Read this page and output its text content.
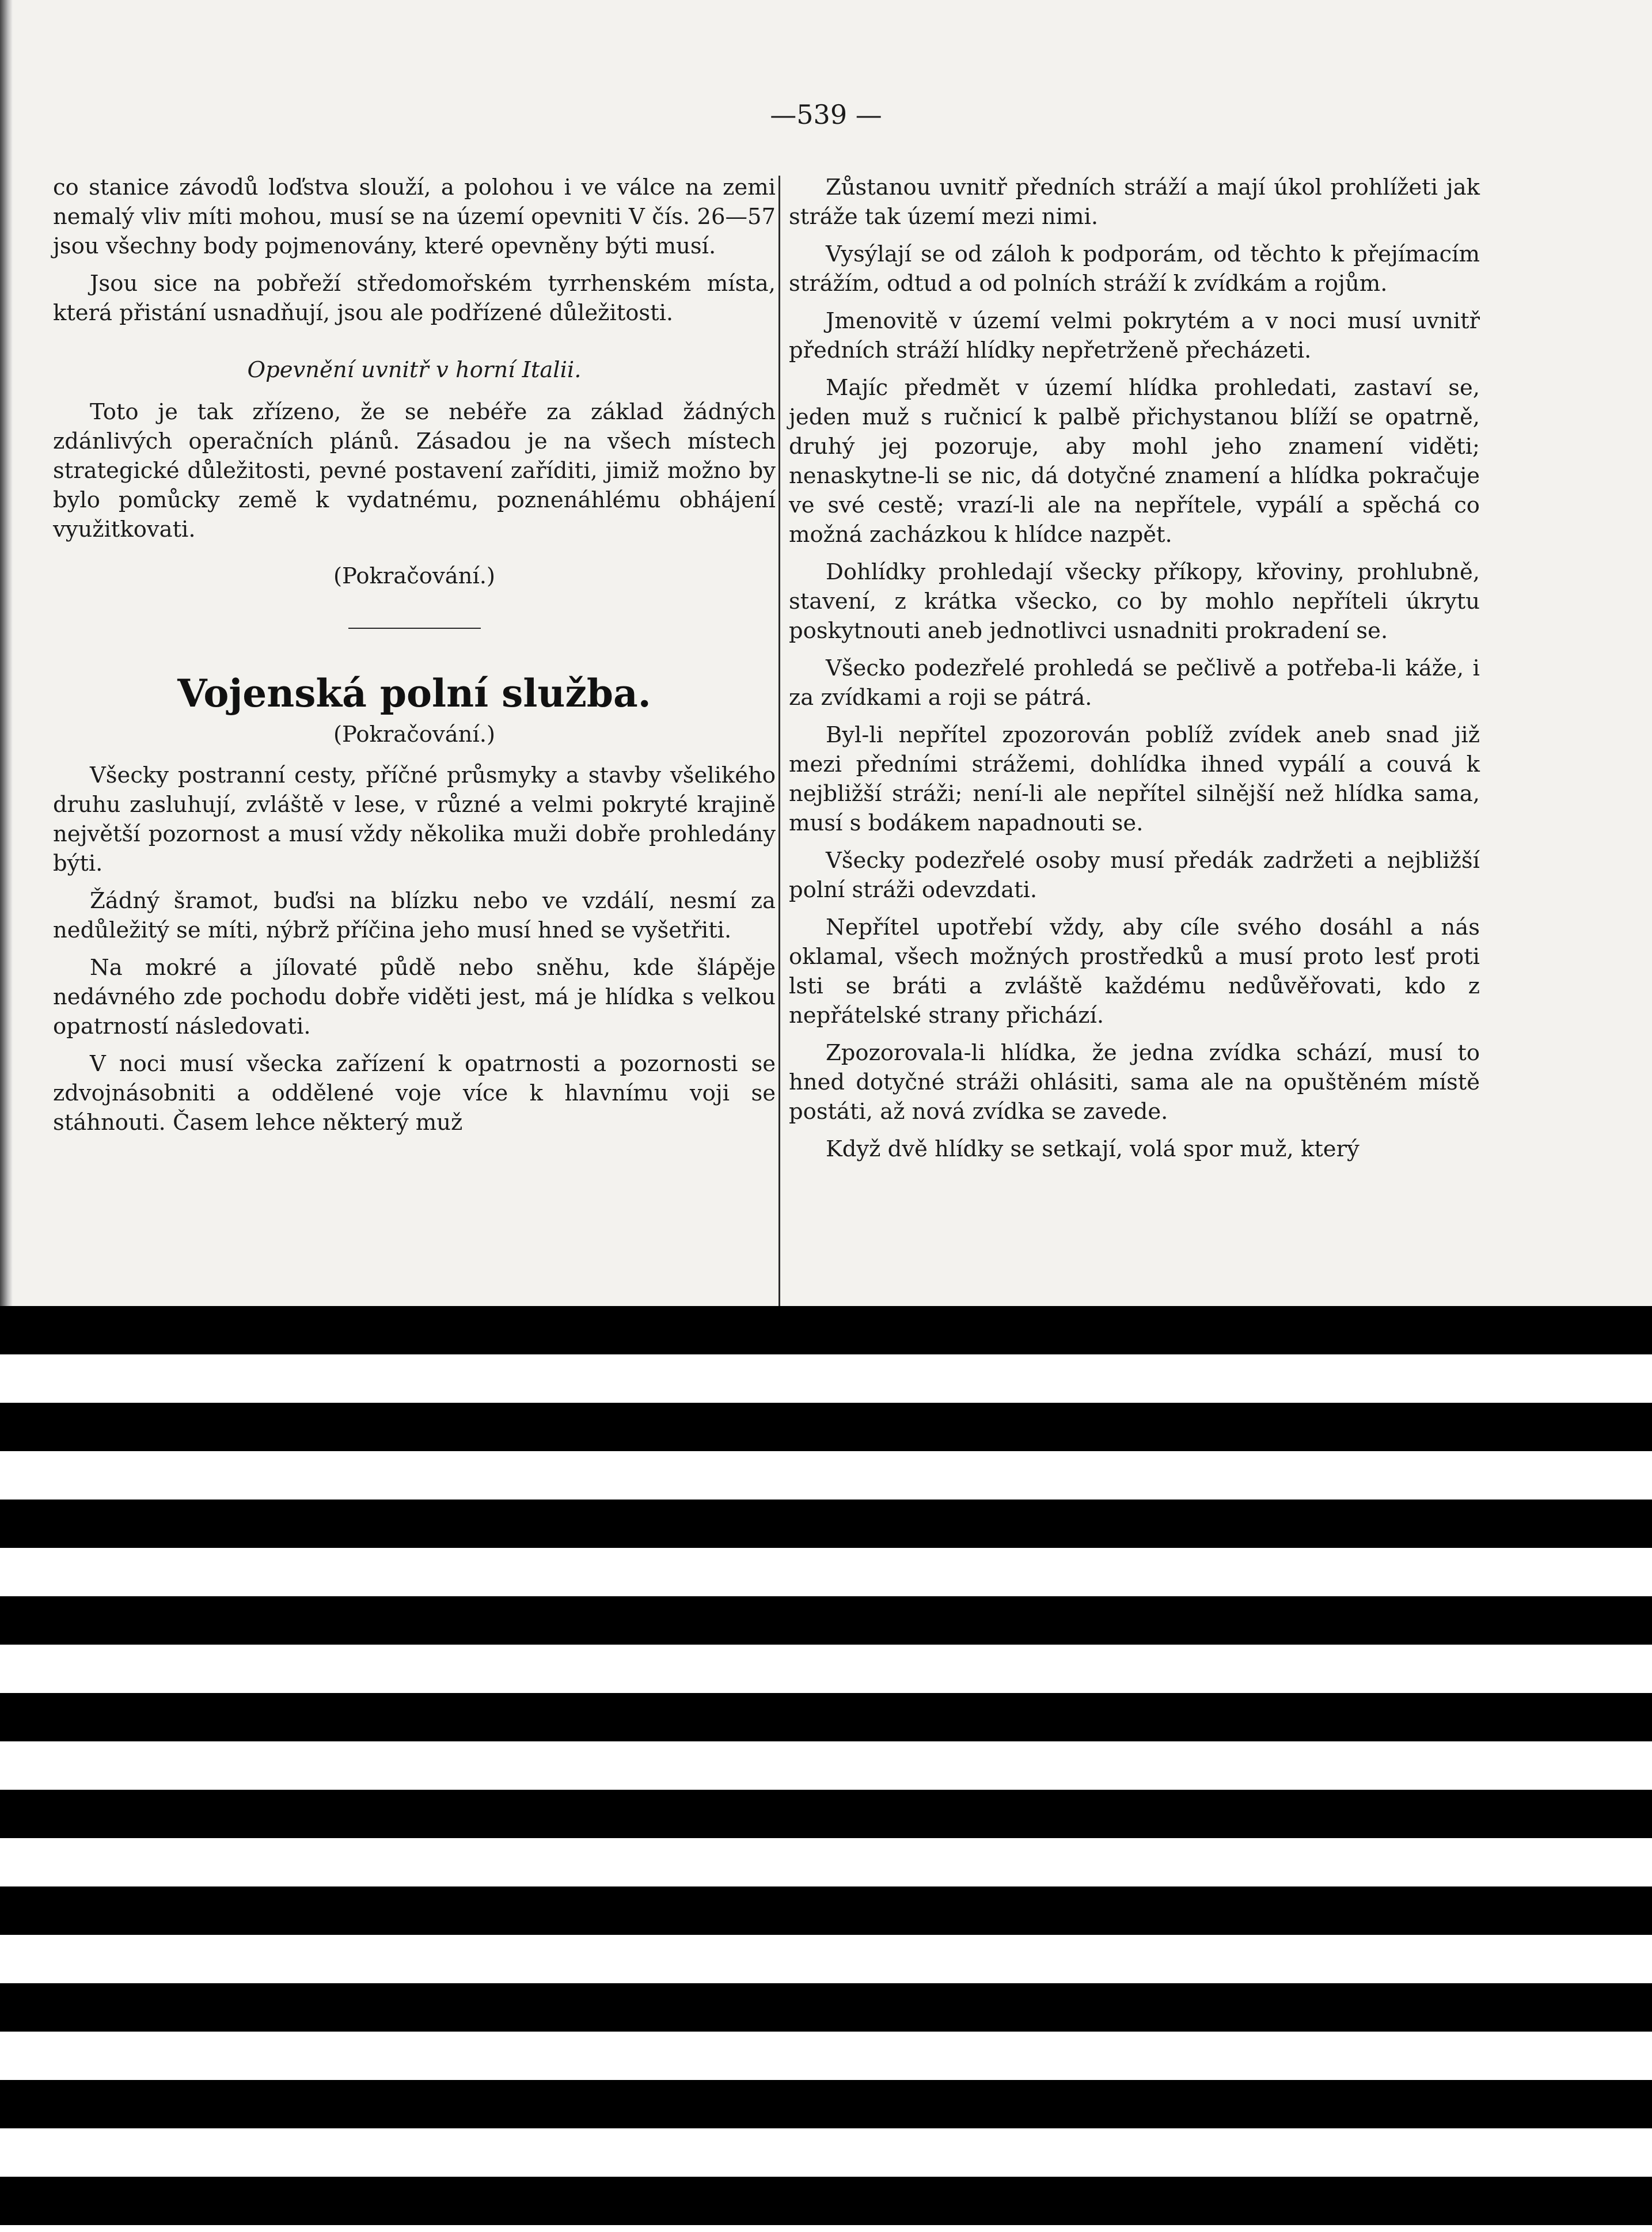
—539 —

co stanice závodů loďstva slouží, a polohou i ve válce na zemi nemalý vliv míti mohou, musí se na území opevniti V čís. 26—57 jsou všechny body pojmenovány, které opevněny býti musí.

Jsou sice na pobřeží středomořském tyrrhenském místa, která přistání usnadňují, jsou ale podřízené důležitosti.

Opevnění uvnitř v horní Italii.

Toto je tak zřízeno, že se nebéře za základ žádných zdánlivých operačních plánů. Zásadou je na všech místech strategické důležitosti, pevné postavení zaříditi, jimiž možno by bylo pomůcky země k vydatnému, poznenáhlému obhájení využitkovati.

(Pokračování.)
Vojenská polní služba.
(Pokračování.)

Všecky postranní cesty, příčné průsmyky a stavby všelikého druhu zasluhují, zvláště v lese, v různé a velmi pokryté krajině největší pozornost a musí vždy několika muži dobře prohledány býti.

Žádný šramot, buďsi na blízku nebo ve vzdálí, nesmí za nedůležitý se míti, nýbrž příčina jeho musí hned se vyšetřiti.

Na mokré a jílovaté půdě nebo sněhu, kde šlápěje nedávného zde pochodu dobře viděti jest, má je hlídka s velkou opatrností následovati.

V noci musí všecka zařízení k opatrnosti a pozornosti se zdvojnásobniti a oddělené voje více k hlavnímu voji se stáhnouti. Časem lehce některý muž

Zůstanou uvnitř předních stráží a mají úkol prohlížeti jak stráže tak území mezi nimi.

Vysýlají se od záloh k podporám, od těchto k přejímacím strážím, odtud a od polních stráží k zvídkám a rojům.

Jmenovitě v území velmi pokrytém a v noci musí uvnitř předních stráží hlídky nepřetrženě přecházeti.

Majíc předmět v území hlídka prohledati, zastaví se, jeden muž s ručnicí k palbě přichystanou blíží se opatrně, druhý jej pozoruje, aby mohl jeho znamení viděti; nenaskytne-li se nic, dá dotyčné znamení a hlídka pokračuje ve své cestě; vrazí-li ale na nepřítele, vypálí a spěchá co možná zacházkou k hlídce nazpět.

Dohlídky prohledají všecky příkopy, křoviny, prohlubně, stavení, z krátka všecko, co by mohlo nepříteli úkrytu poskytnouti aneb jednotlivci usnadniti prokradení se.

Všecko podezřelé prohledá se pečlivě a potřeba-li káže, i za zvídkami a roji se pátrá.

Byl-li nepřítel zpozorován poblíž zvídek aneb snad již mezi předními strážemi, dohlídka ihned vypálí a couvá k nejbližší stráži; není-li ale nepřítel silnější než hlídka sama, musí s bodákem napadnouti se.

Všecky podezřelé osoby musí předák zadržeti a nejbližší polní stráži odevzdati.

Nepřítel upotřebí vždy, aby cíle svého dosáhl a nás oklamal, všech možných prostředků a musí proto lesť proti lsti se bráti a zvláště každému nedůvěřovati, kdo z nepřátelské strany přichází.

Zpozorovala-li hlídka, že jedna zvídka schází, musí to hned dotyčné stráži ohlásiti, sama ale na opuštěném místě postáti, až nová zvídka se zavede.

Když dvě hlídky se setkají, volá spor muž, který
